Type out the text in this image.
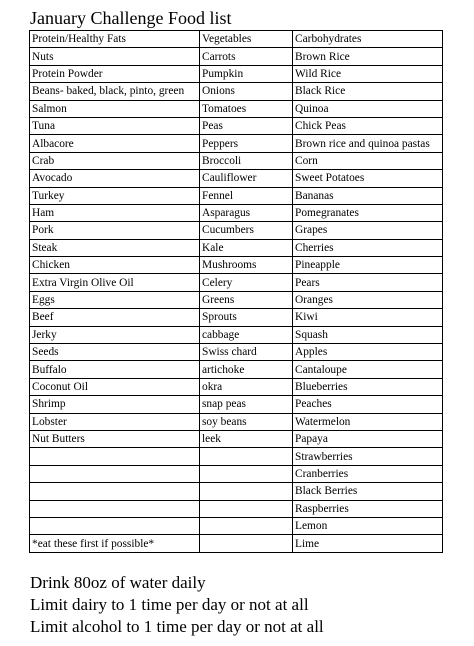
January Challenge Food list
Protein/Healthy Fats	Vegetables	Carbohydrates
Nuts	Carrots	Brown Rice
Protein Powder	Pumpkin	Wild Rice
Beans- baked, black, pinto, green	Onions	Black Rice
Salmon	Tomatoes	Quinoa
Tuna	Peas	Chick Peas
Albacore	Peppers	Brown rice and quinoa pastas
Crab	Broccoli	Corn
Avocado	Cauliflower	Sweet Potatoes
Turkey	Fennel	Bananas
Ham	Asparagus	Pomegranates
Pork	Cucumbers	Grapes
Steak	Kale	Cherries
Chicken	Mushrooms	Pineapple
Extra Virgin Olive Oil	Celery	Pears
Eggs	Greens	Oranges
Beef	Sprouts	Kiwi
Jerky	cabbage	Squash
Seeds	Swiss chard	Apples
Buffalo	artichoke	Cantaloupe
Coconut Oil	okra	Blueberries
Shrimp	snap peas	Peaches
Lobster	soy beans	Watermelon
Nut Butters	leek	Papaya
		Strawberries
		Cranberries
		Black Berries
		Raspberries
		Lemon
*eat these first if possible*		Lime
Drink 80oz of water daily
Limit dairy to 1 time per day or not at all
Limit alcohol to 1 time per day or not at all
